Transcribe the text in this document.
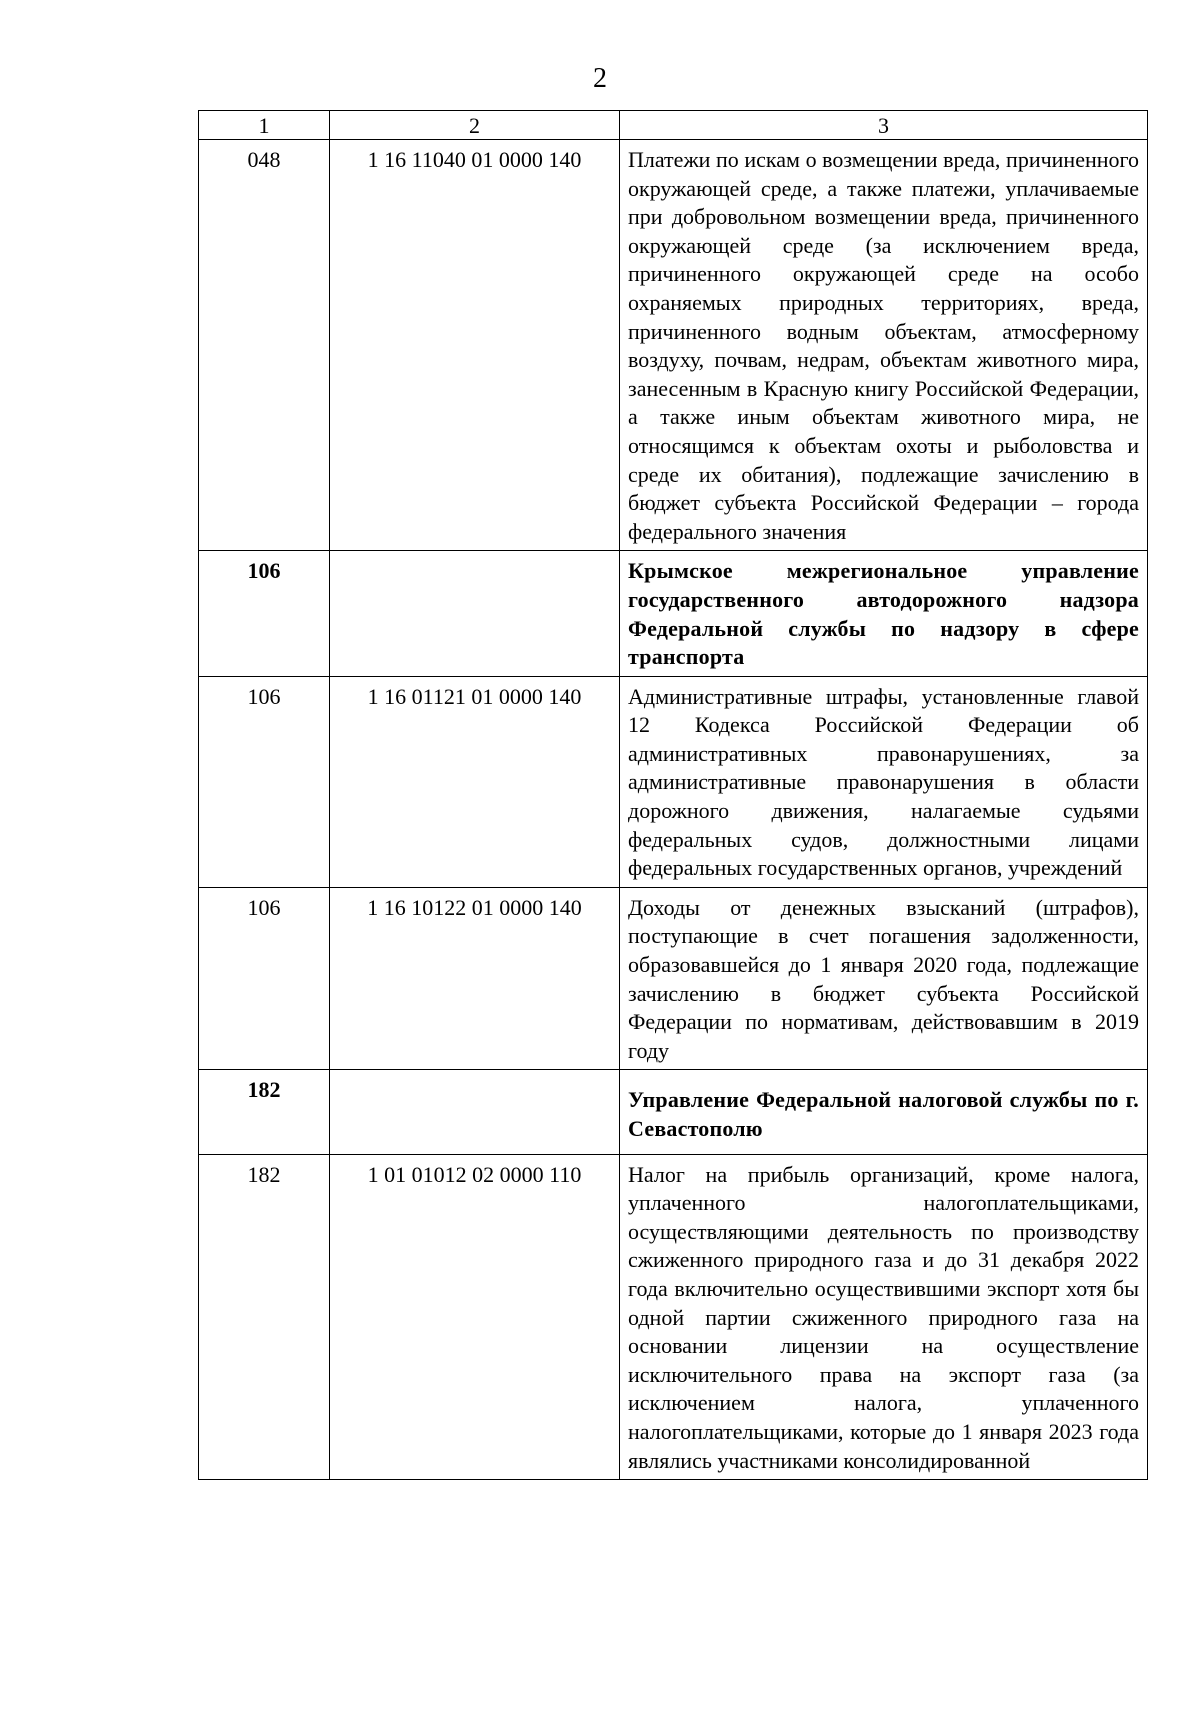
2
1	2	3
048	1 16 11040 01 0000 140	Платежи по искам о возмещении вреда, причиненного окружающей среде, а также платежи, уплачиваемые при добровольном возмещении вреда, причиненного окружающей среде (за исключением вреда, причиненного окружающей среде на особо охраняемых природных территориях, вреда, причиненного водным объектам, атмосферному воздуху, почвам, недрам, объектам животного мира, занесенным в Красную книгу Российской Федерации, а также иным объектам животного мира, не относящимся к объектам охоты и рыболовства и среде их обитания), подлежащие зачислению в бюджет субъекта Российской Федерации – города федерального значения
106		Крымское межрегиональное управление государственного автодорожного надзора Федеральной службы по надзору в сфере транспорта
106	1 16 01121 01 0000 140	Административные штрафы, установленные главой 12 Кодекса Российской Федерации об административных правонарушениях, за административные правонарушения в области дорожного движения, налагаемые судьями федеральных судов, должностными лицами федеральных государственных органов, учреждений
106	1 16 10122 01 0000 140	Доходы от денежных взысканий (штрафов), поступающие в счет погашения задолженности, образовавшейся до 1 января 2020 года, подлежащие зачислению в бюджет субъекта Российской Федерации по нормативам, действовавшим в 2019 году
182		Управление Федеральной налоговой службы по г. Севастополю
182	1 01 01012 02 0000 110	Налог на прибыль организаций, кроме налога, уплаченного налогоплательщиками, осуществляющими деятельность по производству сжиженного природного газа и до 31 декабря 2022 года включительно осуществившими экспорт хотя бы одной партии сжиженного природного газа на основании лицензии на осуществление исключительного права на экспорт газа (за исключением налога, уплаченного налогоплательщиками, которые до 1 января 2023 года являлись участниками консолидированной
